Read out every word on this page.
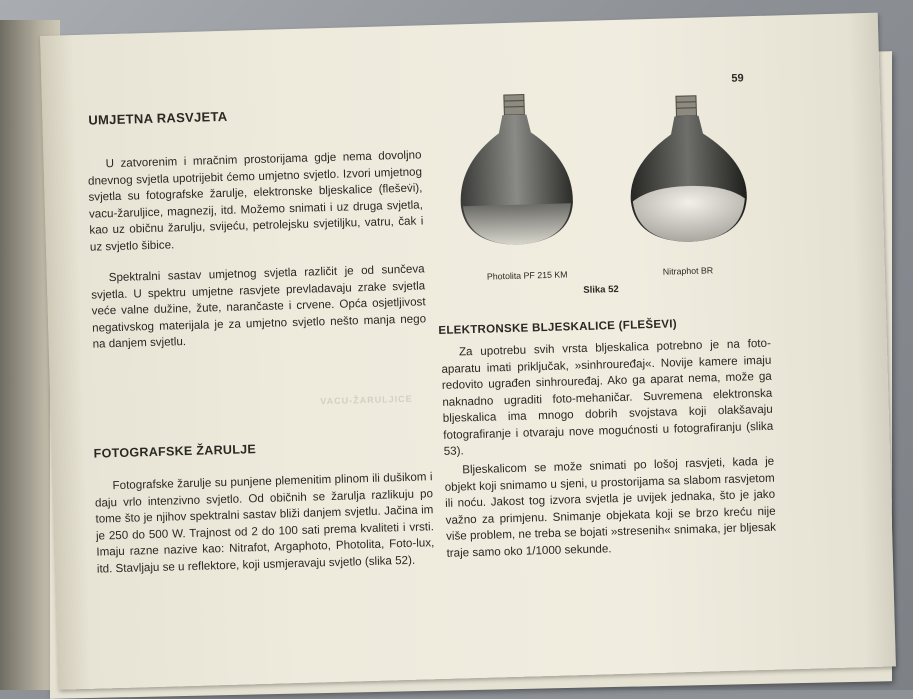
59
UMJETNA RASVJETA

U zatvorenim i mračnim prostorijama gdje nema dovoljno dnevnog svjetla upotrijebit ćemo umjetno svjetlo. Izvori umjetnog svjetla su fotografske žarulje, elektronske bljeskalice (flešev̇i), vacu-žaruljice, magnezij, itd. Možemo snimati i uz druga svjetla, kao uz običnu žarulju, svijeću, petrolejsku svjetiljku, vatru, čak i uz svjetlo šibice.

Spektralni sastav umjetnog svjetla različit je od sunčeva svjetla. U spektru umjetne rasvjete prevladavaju zrake svjetla veće valne dužine, žute, narančaste i crvene. Opća osjetljivost negativskog materijala je za umjetno svjetlo nešto manja nego na danjem svjetlu.

FOTOGRAFSKE ŽARULJE

Fotografske žarulje su punjene plemenitim plinom ili dušikom i daju vrlo intenzivno svjetlo. Od običnih se žarulja razlikuju po tome što je njihov spektralni sastav bliži danjem svjetlu. Jačina im je 250 do 500 W. Trajnost od 2 do 100 sati prema kvaliteti i vrsti. Imaju razne nazive kao: Nitrafot, Argaphoto, Photolita, Foto-lux, itd. Stavljaju se u reflektore, koji usmjeravaju svjetlo (slika 52).

VACU-ŽARULJICE
Photolita PF 215 KM	Nitraphot BR
Slika 52
ELEKTRONSKE BLJESKALICE (FLEŠEVI)

Za upotrebu svih vrsta bljeskalica potrebno je na foto-aparatu imati priključak, »sinhrouređaj«. Novije kamere imaju redovito ugrađen sinhrouređaj. Ako ga aparat nema, može ga naknadno ugraditi foto-mehaničar. Suvremena elektronska bljeskalica ima mnogo dobrih svojstava koji olakšavaju fotografiranje i otvaraju nove mogućnosti u fotografiranju (slika 53).

Bljeskalicom se može snimati po lošoj rasvjeti, kada je objekt koji snimamo u sjeni, u prostorijama sa slabom rasvjetom ili noću. Jakost tog izvora svjetla je uvijek jednaka, što je jako važno za primjenu. Snimanje objekata koji se brzo kreću nije više problem, ne treba se bojati »stresenih« snimaka, jer bljesak traje samo oko 1/1000 sekunde.
